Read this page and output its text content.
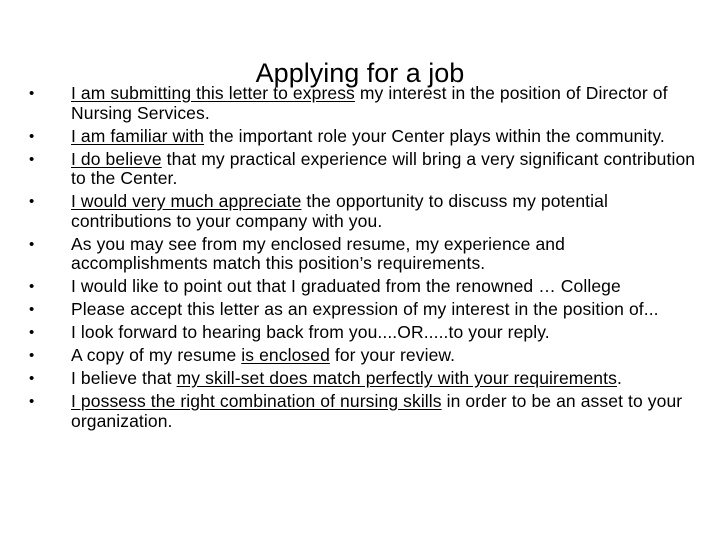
Applying for a job
•	I am submitting this letter to express my interest in the position of Director of Nursing Services.
•	I am familiar with the important role your Center plays within the community.
•	I do believe that my practical experience will bring a very significant contribution to the Center.
•	I would very much appreciate the opportunity to discuss my potential contributions to your company with you.
•	As you may see from my enclosed resume, my experience and accomplishments match this position’s requirements.
•	I would like to point out that I graduated from the renowned … College
•	Please accept this letter as an expression of my interest in the position of...
•	I look forward to hearing back from you....OR.....to your reply.
•	A copy of my resume is enclosed for your review.
•	I believe that my skill-set does match perfectly with your requirements.
•	I possess the right combination of nursing skills in order to be an asset to your organization.
